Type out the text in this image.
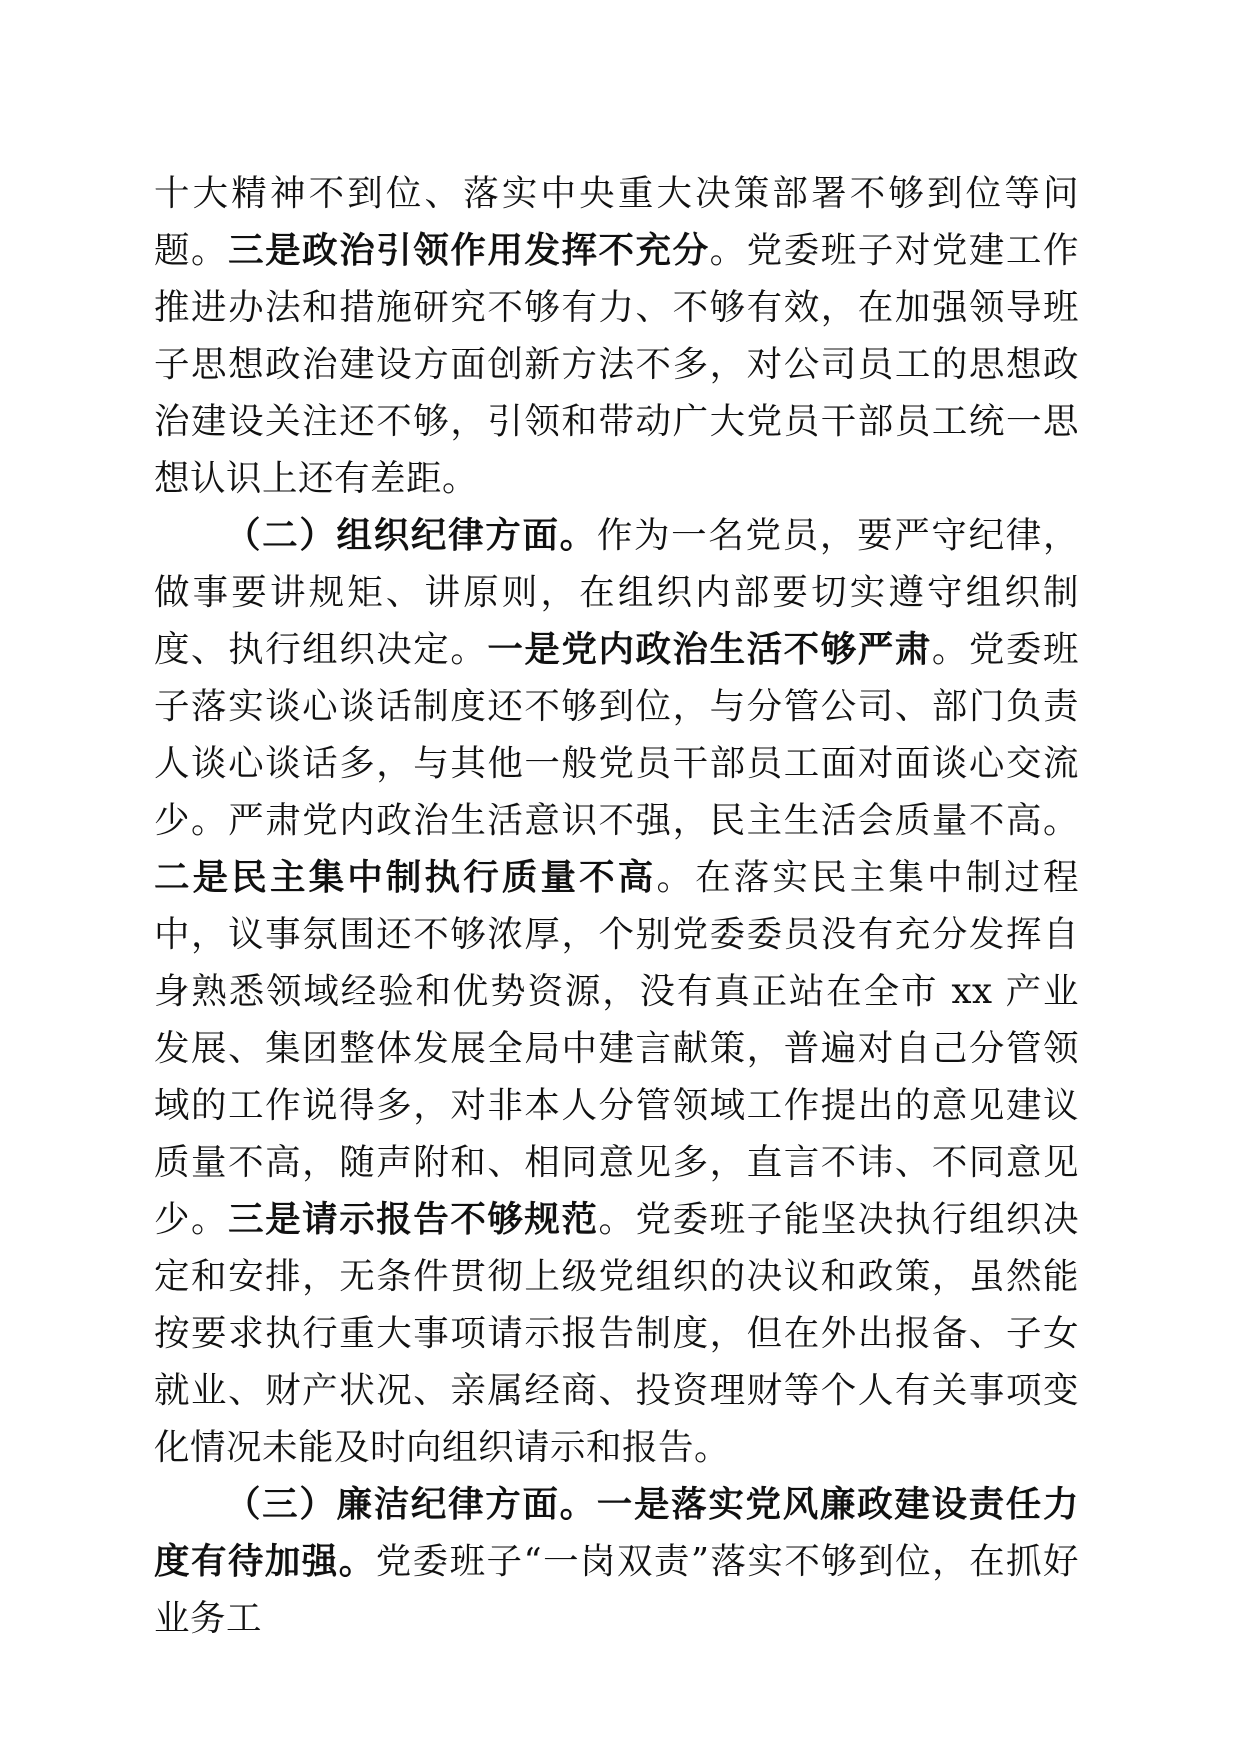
十大精神不到位、落实中央重大决策部署不够到位等问题。三是政治引领作用发挥不充分。党委班子对党建工作推进办法和措施研究不够有力、不够有效，在加强领导班子思想政治建设方面创新方法不多，对公司员工的思想政治建设关注还不够，引领和带动广大党员干部员工统一思想认识上还有差距。

（二）组织纪律方面。作为一名党员，要严守纪律，做事要讲规矩、讲原则，在组织内部要切实遵守组织制度、执行组织决定。一是党内政治生活不够严肃。党委班子落实谈心谈话制度还不够到位，与分管公司、部门负责人谈心谈话多，与其他一般党员干部员工面对面谈心交流少。严肃党内政治生活意识不强，民主生活会质量不高。二是民主集中制执行质量不高。在落实民主集中制过程中，议事氛围还不够浓厚，个别党委委员没有充分发挥自身熟悉领域经验和优势资源，没有真正站在全市 xx 产业发展、集团整体发展全局中建言献策，普遍对自己分管领域的工作说得多，对非本人分管领域工作提出的意见建议质量不高，随声附和、相同意见多，直言不讳、不同意见少。三是请示报告不够规范。党委班子能坚决执行组织决定和安排，无条件贯彻上级党组织的决议和政策，虽然能按要求执行重大事项请示报告制度，但在外出报备、子女就业、财产状况、亲属经商、投资理财等个人有关事项变化情况未能及时向组织请示和报告。

（三）廉洁纪律方面。一是落实党风廉政建设责任力度有待加强。党委班子“一岗双责”落实不够到位，在抓好业务工
